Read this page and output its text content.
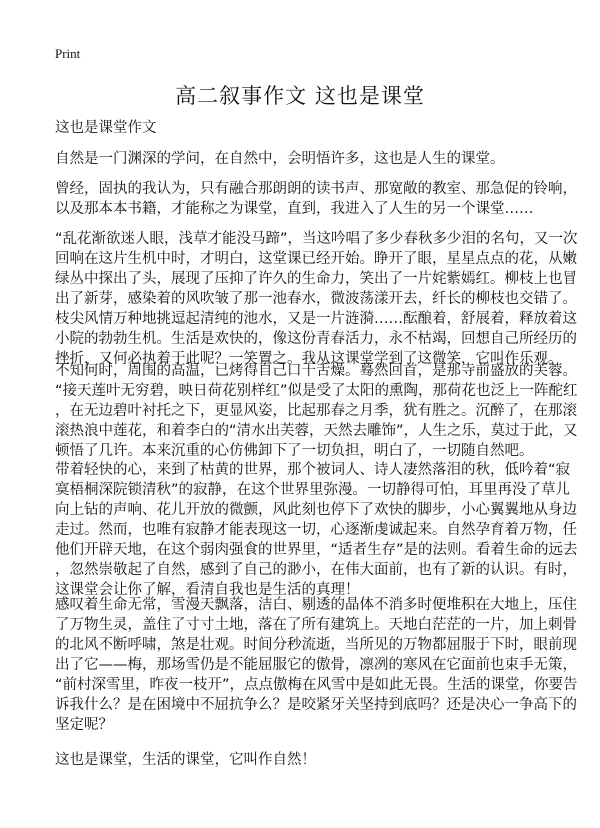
Print
高二叙事作文 这也是课堂
这也是课堂作文
自然是一门渊深的学问，在自然中，会明悟许多，这也是人生的课堂。
曾经，固执的我认为，只有融合那朗朗的读书声、那宽敞的教室、那急促的铃响，
以及那本本书籍，才能称之为课堂，直到，我进入了人生的另一个课堂……
“乱花渐欲迷人眼，浅草才能没马蹄”，当这吟唱了多少春秋多少泪的名句，又一次
回响在这片生机中时，才明白，这堂课已经开始。睁开了眼，星星点点的花，从嫩
绿丛中探出了头，展现了压抑了许久的生命力，笑出了一片姹紫嫣红。柳枝上也冒
出了新芽，感染着的风吹皱了那一池春水，微波荡漾开去，纤长的柳枝也交错了。
枝尖风情万种地挑逗起清纯的池水，又是一片涟漪……酝酿着，舒展着，释放着这
小院的勃勃生机。生活是欢快的，像这份青春活力，永不枯竭，回想自己所经历的
挫折，又何必执着于此呢？一笑置之。我从这课堂学到了这微笑，它叫作乐观。
不知何时，周围的高温，已烤得自己口干舌燥。蓦然回首，是那寺前盛放的芙蓉。
“接天莲叶无穷碧，映日荷花别样红”似是受了太阳的熏陶，那荷花也泛上一阵酡红
，在无边碧叶衬托之下，更显风姿，比起那春之月季，犹有胜之。沉醉了，在那滚
滚热浪中莲花，和着李白的“清水出芙蓉，天然去雕饰”，人生之乐，莫过于此，又
顿悟了几许。本来沉重的心仿佛卸下了一切负担，明白了，一切随自然吧。
带着轻快的心，来到了枯黄的世界，那个被词人、诗人凄然落泪的秋，低吟着“寂
寞梧桐深院锁清秋”的寂静，在这个世界里弥漫。一切静得可怕，耳里再没了草儿
向上钻的声响、花儿开放的微颤，风此刻也停下了欢快的脚步，小心翼翼地从身边
走过。然而，也唯有寂静才能表现这一切，心逐渐虔诚起来。自然孕育着万物，任
他们开辟天地，在这个弱肉强食的世界里，“适者生存”是的法则。看着生命的远去
，忽然崇敬起了自然，感到了自己的渺小，在伟大面前，也有了新的认识。有时，
这课堂会让你了解，看清自我也是生活的真理！
感叹着生命无常，雪漫天飘落，洁白、剔透的晶体不消多时便堆积在大地上，压住
了万物生灵，盖住了寸寸土地，落在了所有建筑上。天地白茫茫的一片，加上刺骨
的北风不断呼啸，煞是壮观。时间分秒流逝，当所见的万物都屈服于下时，眼前现
出了它——梅，那场雪仍是不能屈服它的傲骨，凛冽的寒风在它面前也束手无策，
“前村深雪里，昨夜一枝开”，点点傲梅在风雪中是如此无畏。生活的课堂，你要告
诉我什么？是在困境中不屈抗争么？是咬紧牙关坚持到底吗？还是决心一争高下的
坚定呢？
这也是课堂，生活的课堂，它叫作自然！
